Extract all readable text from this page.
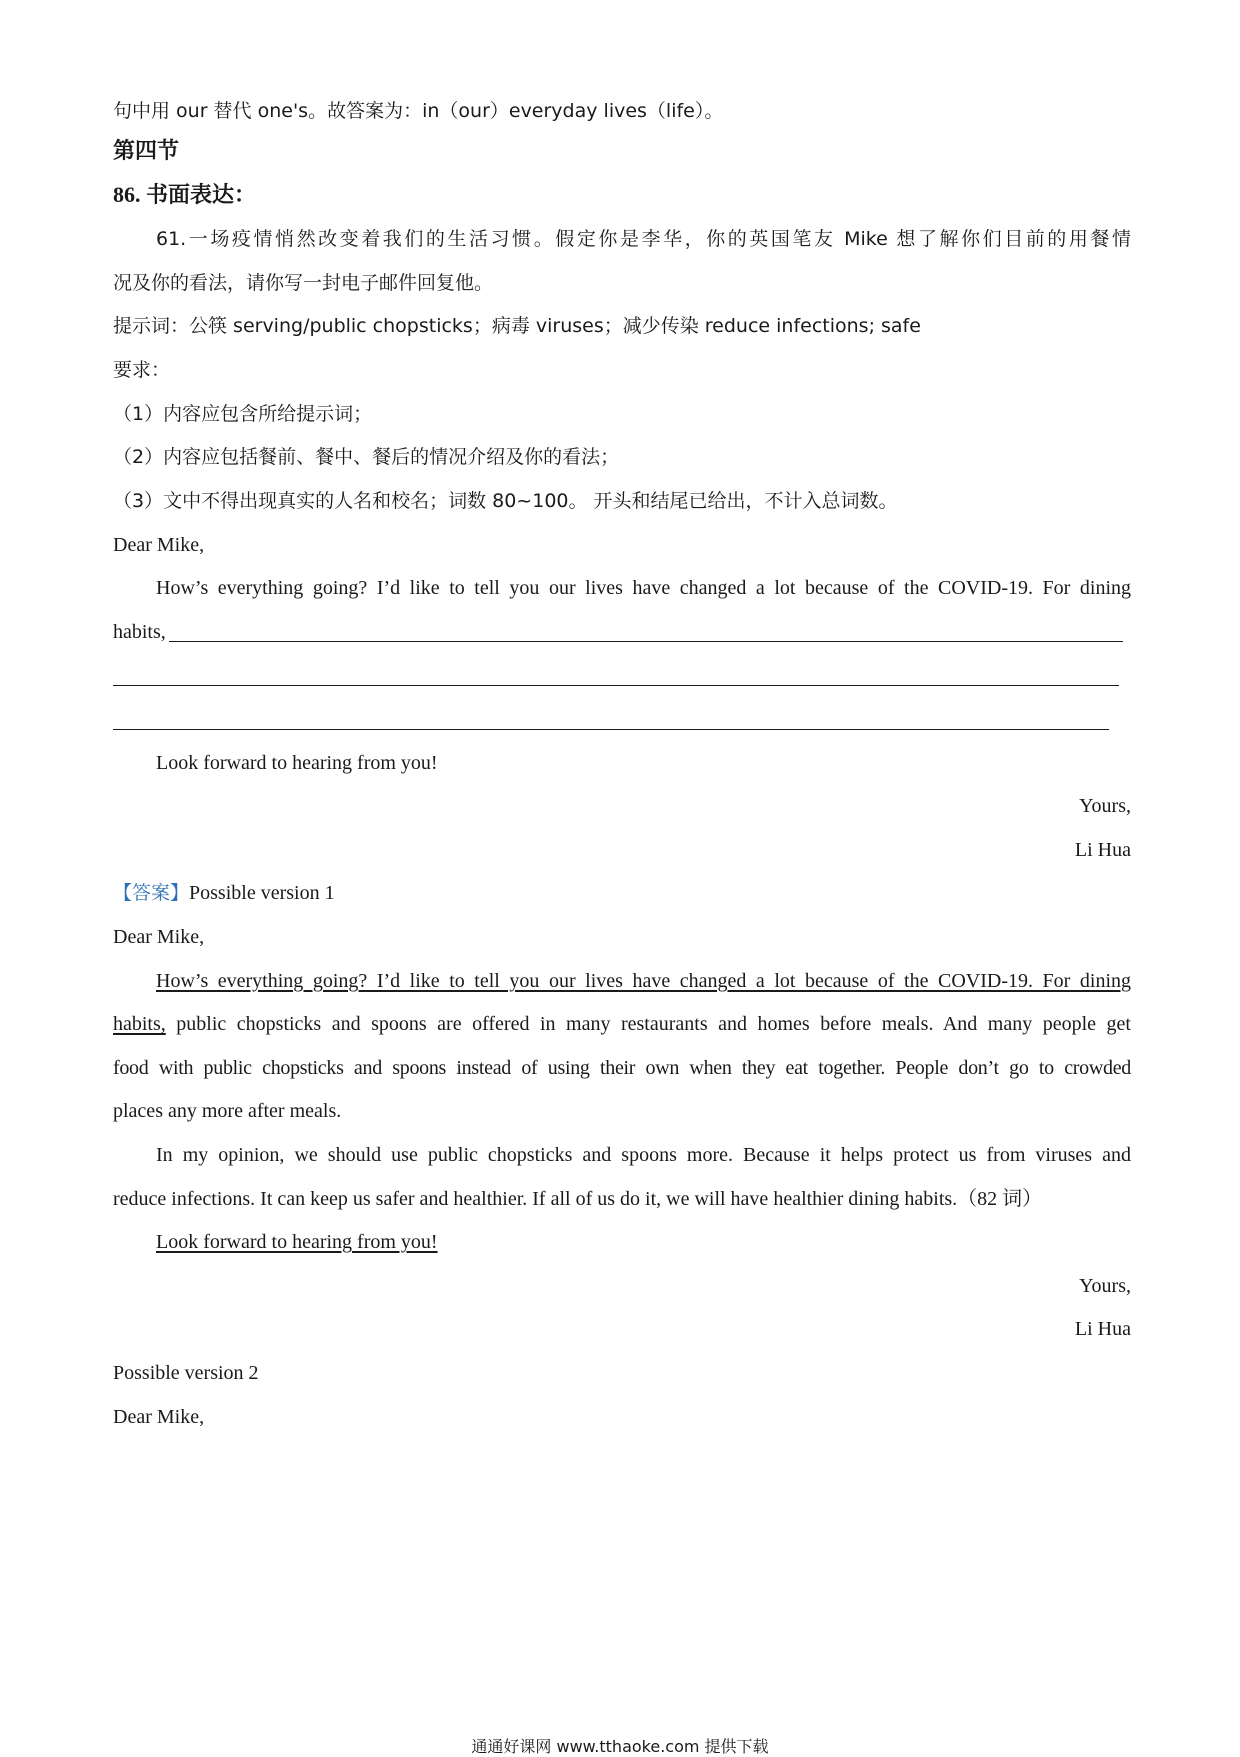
句中用 our 替代 one's。故答案为：in（our）everyday lives（life）。
第四节
86. 书面表达：
61.一场疫情悄然改变着我们的生活习惯。假定你是李华，你的英国笔友 Mike 想了解你们目前的用餐情
况及你的看法，请你写一封电子邮件回复他。
提示词：公筷 serving/public chopsticks；病毒 viruses；减少传染 reduce infections; safe
要求：
（1）内容应包含所给提示词；
（2）内容应包括餐前、餐中、餐后的情况介绍及你的看法；
（3）文中不得出现真实的人名和校名；词数 80~100。 开头和结尾已给出，不计入总词数。
Dear Mike,
How’s everything going? I’d like to tell you our lives have changed a lot because of the COVID-19. For dining
habits,
Look forward to hearing from you!
Yours,
Li Hua
【答案】Possible version 1
Dear Mike,
How’s everything going? I’d like to tell you our lives have changed a lot because of the COVID-19. For dining
habits, public chopsticks and spoons are offered in many restaurants and homes before meals. And many people get
food with public chopsticks and spoons instead of using their own when they eat together. People don’t go to crowded
places any more after meals.
In my opinion, we should use public chopsticks and spoons more. Because it helps protect us from viruses and
reduce infections. It can keep us safer and healthier. If all of us do it, we will have healthier dining habits.（82 词）
Look forward to hearing from you!
Yours,
Li Hua
Possible version 2
Dear Mike,
通通好课网 www.tthaoke.com 提供下载
